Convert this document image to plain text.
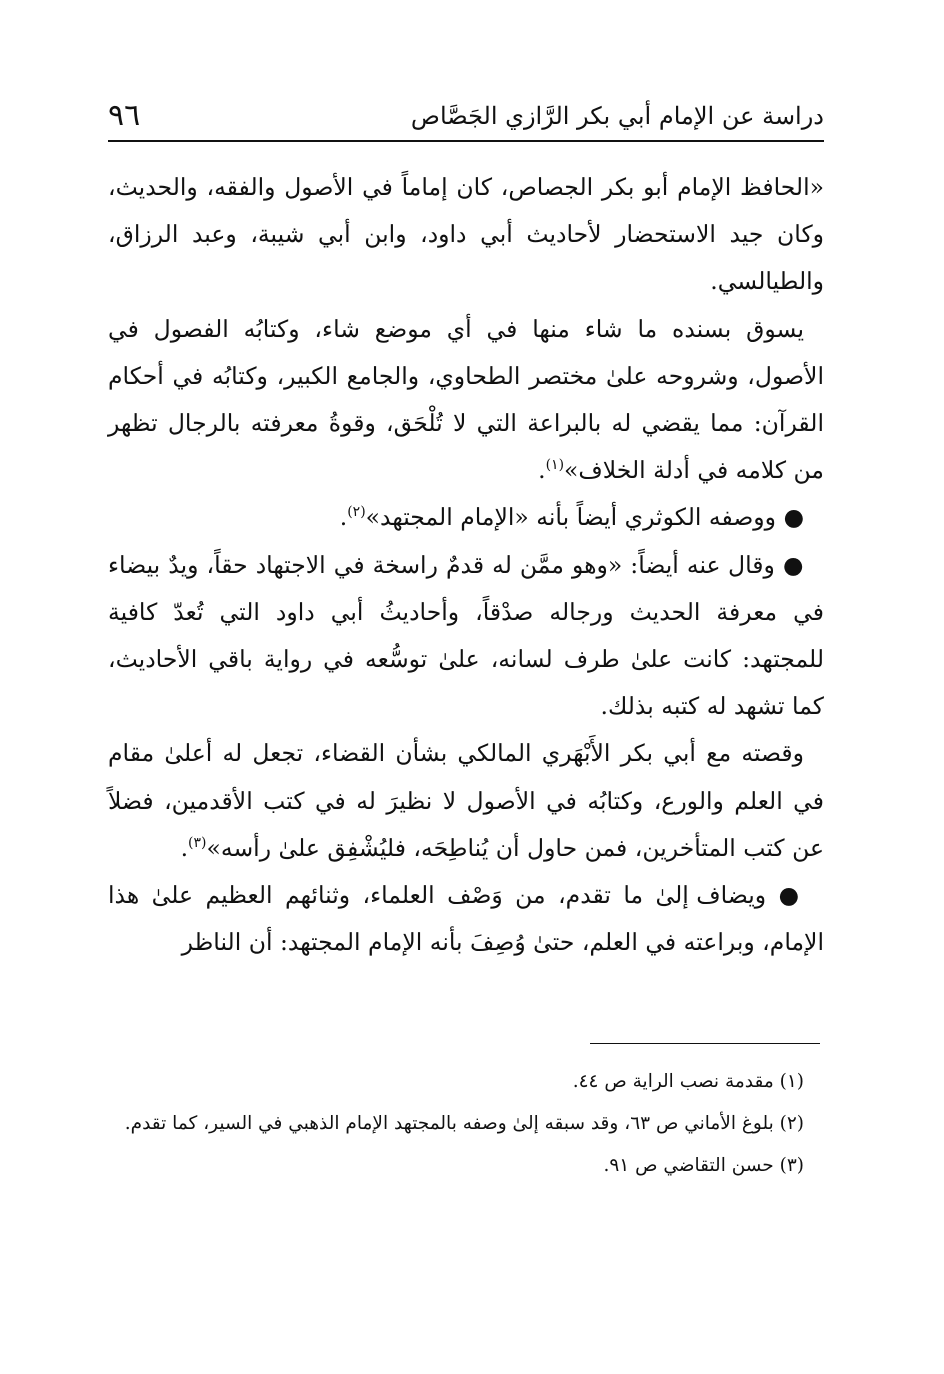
٩٦	دراسة عن الإمام أبي بكر الرَّازي الجَصَّاص

«الحافظ الإمام أبو بكر الجصاص، كان إماماً في الأصول والفقه، والحديث، وكان جيد الاستحضار لأحاديث أبي داود، وابن أبي شيبة، وعبد الرزاق، والطيالسي.

يسوق بسنده ما شاء منها في أي موضع شاء، وكتابُه الفصول في الأصول، وشروحه علىٰ مختصر الطحاوي، والجامع الكبير، وكتابُه في أحكام القرآن: مما يقضي له بالبراعة التي لا تُلْحَق، وقوةُ معرفته بالرجال تظهر من كلامه في أدلة الخلاف»$^{(١)}$.

● ووصفه الكوثري أيضاً بأنه «الإمام المجتهد»$^{(٢)}$.

● وقال عنه أيضاً: «وهو ممَّن له قدمٌ راسخة في الاجتهاد حقاً، ويدٌ بيضاء في معرفة الحديث ورجاله صدْقاً، وأحاديثُ أبي داود التي تُعدّ كافية للمجتهد: كانت علىٰ طرف لسانه، علىٰ توسُّعه في رواية باقي الأحاديث، كما تشهد له كتبه بذلك.

وقصته مع أبي بكر الأَبْهَري المالكي بشأن القضاء، تجعل له أعلىٰ مقام في العلم والورع، وكتابُه في الأصول لا نظيرَ له في كتب الأقدمين، فضلاً عن كتب المتأخرين، فمن حاول أن يُناطِحَه، فليُشْفِق علىٰ رأسه»$^{(٣)}$.

● ويضاف إلىٰ ما تقدم، من وَصْف العلماء، وثنائهم العظيم علىٰ هذا الإمام، وبراعته في العلم، حتىٰ وُصِفَ بأنه الإمام المجتهد: أن الناظر

(١) مقدمة نصب الراية ص ٤٤.

(٢) بلوغ الأماني ص ٦٣، وقد سبقه إلىٰ وصفه بالمجتهد الإمام الذهبي في السير، كما تقدم.

(٣) حسن التقاضي ص ٩١.
